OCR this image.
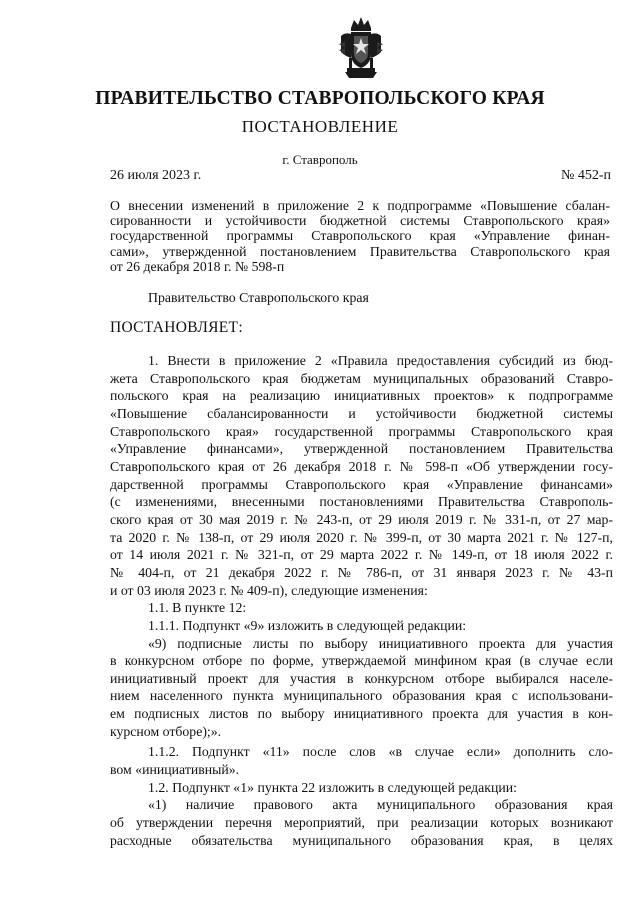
ПРАВИТЕЛЬСТВО СТАВРОПОЛЬСКОГО КРАЯ
ПОСТАНОВЛЕНИЕ
г. Ставрополь
26 июля 2023 г.	№ 452-п
О внесении изменений в приложение 2 к подпрограмме «Повышение сбалан-
сированности и устойчивости бюджетной системы Ставропольского края»
государственной программы Ставропольского края «Управление финан-
сами», утвержденной постановлением Правительства Ставропольского края
от 26 декабря 2018 г. № 598-п
Правительство Ставропольского края
ПОСТАНОВЛЯЕТ:
1. Внести в приложение 2 «Правила предоставления субсидий из бюд-
жета Ставропольского края бюджетам муниципальных образований Ставро-
польского края на реализацию инициативных проектов» к подпрограмме
«Повышение сбалансированности и устойчивости бюджетной системы
Ставропольского края» государственной программы Ставропольского края
«Управление финансами», утвержденной постановлением Правительства
Ставропольского края от 26 декабря 2018 г. № 598-п «Об утверждении госу-
дарственной программы Ставропольского края «Управление финансами»
(с изменениями, внесенными постановлениями Правительства Ставрополь-
ского края от 30 мая 2019 г. № 243-п, от 29 июля 2019 г. № 331-п, от 27 мар-
та 2020 г. № 138-п, от 29 июля 2020 г. № 399-п, от 30 марта 2021 г. № 127-п,
от 14 июля 2021 г. № 321-п, от 29 марта 2022 г. № 149-п, от 18 июля 2022 г.
№ 404-п, от 21 декабря 2022 г. № 786-п, от 31 января 2023 г. № 43-п
и от 03 июля 2023 г. № 409-п), следующие изменения:
1.1. В пункте 12:
1.1.1. Подпункт «9» изложить в следующей редакции:
«9) подписные листы по выбору инициативного проекта для участия
в конкурсном отборе по форме, утверждаемой минфином края (в случае если
инициативный проект для участия в конкурсном отборе выбирался населе-
нием населенного пункта муниципального образования края с использовани-
ем подписных листов по выбору инициативного проекта для участия в кон-
курсном отборе);».
1.1.2. Подпункт «11» после слов «в случае если» дополнить сло-
вом «инициативный».
1.2. Подпункт «1» пункта 22 изложить в следующей редакции:
«1) наличие правового акта муниципального образования края
об утверждении перечня мероприятий, при реализации которых возникают
расходные обязательства муниципального образования края, в целях
